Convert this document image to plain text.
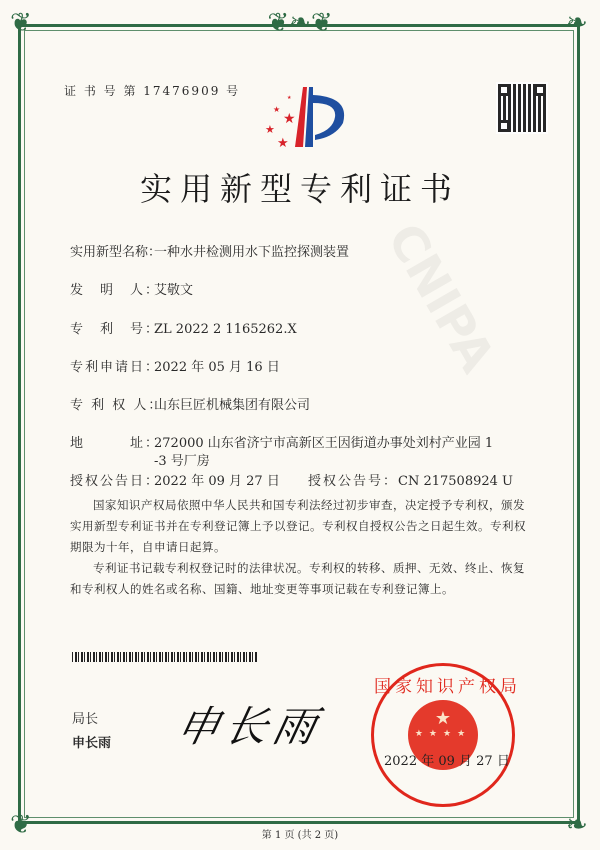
❦❧❦
❦	❧
❦	❧
CNIPA
证 书 号 第 17476909 号
★
★
★
★
★
实用新型专利证书
实用新型名称：一种水井检测用水下监控探测装置
发　明　人：艾敬文
专　利　号：ZL 2022 2 1165262.X
专利申请日：2022 年 05 月 16 日
专 利 权 人：山东巨匠机械集团有限公司
地　　　址：272000 山东省济宁市高新区王因街道办事处刘村产业园 1
-3 号厂房
授权公告日：2022 年 09 月 27 日 授权公告号：CN 217508924 U
国家知识产权局依照中华人民共和国专利法经过初步审查，决定授予专利权，颁发实用新型专利证书并在专利登记簿上予以登记。专利权自授权公告之日起生效。专利权期限为十年，自申请日起算。
专利证书记载专利权登记时的法律状况。专利权的转移、质押、无效、终止、恢复和专利权人的姓名或名称、国籍、地址变更等事项记载在专利登记簿上。
局长
申长雨 申长雨	★
★★★★
国家知识产权局
2022 年 09 月 27 日
第 1 页 (共 2 页)
